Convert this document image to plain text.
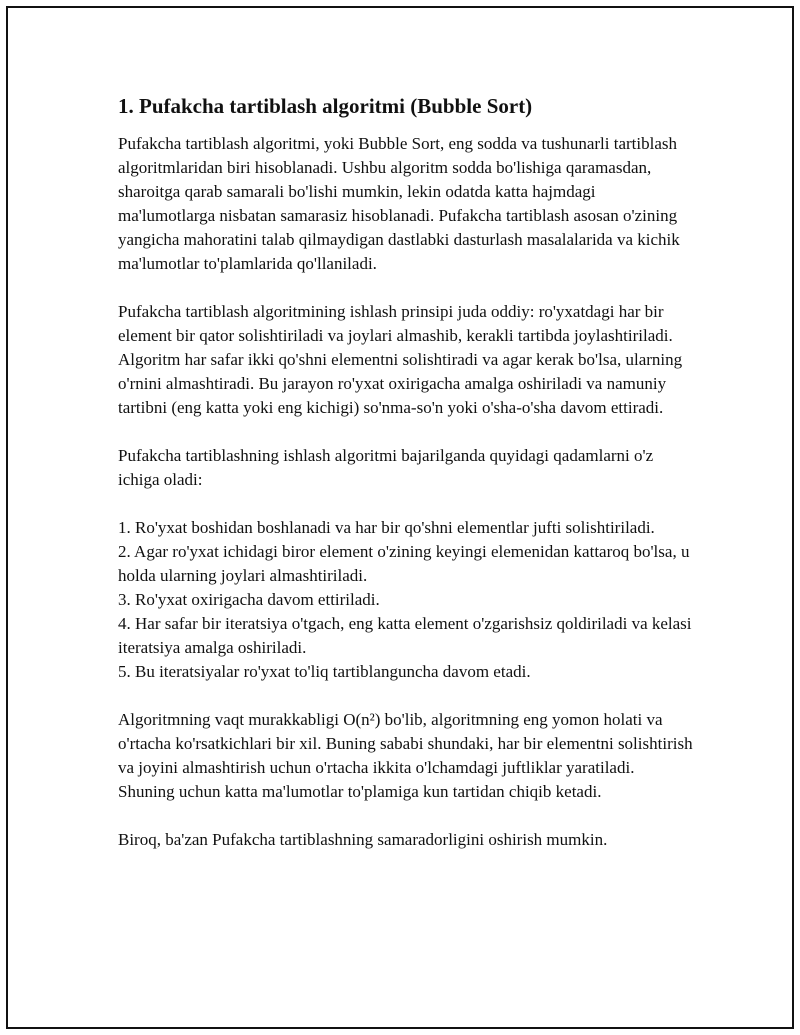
1. Pufakcha tartiblash algoritmi (Bubble Sort)

Pufakcha tartiblash algoritmi, yoki Bubble Sort, eng sodda va tushunarli tartiblash algoritmlaridan biri hisoblanadi. Ushbu algoritm sodda bo'lishiga qaramasdan, sharoitga qarab samarali bo'lishi mumkin, lekin odatda katta hajmdagi ma'lumotlarga nisbatan samarasiz hisoblanadi. Pufakcha tartiblash asosan o'zining yangicha mahoratini talab qilmaydigan dastlabki dasturlash masalalarida va kichik ma'lumotlar to'plamlarida qo'llaniladi.

Pufakcha tartiblash algoritmining ishlash prinsipi juda oddiy: ro'yxatdagi har bir element bir qator solishtiriladi va joylari almashib, kerakli tartibda joylashtiriladi. Algoritm har safar ikki qo'shni elementni solishtiradi va agar kerak bo'lsa, ularning o'rnini almashtiradi. Bu jarayon ro'yxat oxirigacha amalga oshiriladi va namuniy tartibni (eng katta yoki eng kichigi) so'nma-so'n yoki o'sha-o'sha davom ettiradi.

Pufakcha tartiblashning ishlash algoritmi bajarilganda quyidagi qadamlarni o'z ichiga oladi:

1. Ro'yxat boshidan boshlanadi va har bir qo'shni elementlar jufti solishtiriladi.
2. Agar ro'yxat ichidagi biror element o'zining keyingi elemenidan kattaroq bo'lsa, u holda ularning joylari almashtiriladi.
3. Ro'yxat oxirigacha davom ettiriladi.
4. Har safar bir iteratsiya o'tgach, eng katta element o'zgarishsiz qoldiriladi va kelasi iteratsiya amalga oshiriladi.
5. Bu iteratsiyalar ro'yxat to'liq tartiblanguncha davom etadi.

Algoritmning vaqt murakkabligi O(n²) bo'lib, algoritmning eng yomon holati va o'rtacha ko'rsatkichlari bir xil. Buning sababi shundaki, har bir elementni solishtirish va joyini almashtirish uchun o'rtacha ikkita o'lchamdagi juftliklar yaratiladi. Shuning uchun katta ma'lumotlar to'plamiga kun tartidan chiqib ketadi.

Biroq, ba'zan Pufakcha tartiblashning samaradorligini oshirish mumkin.
